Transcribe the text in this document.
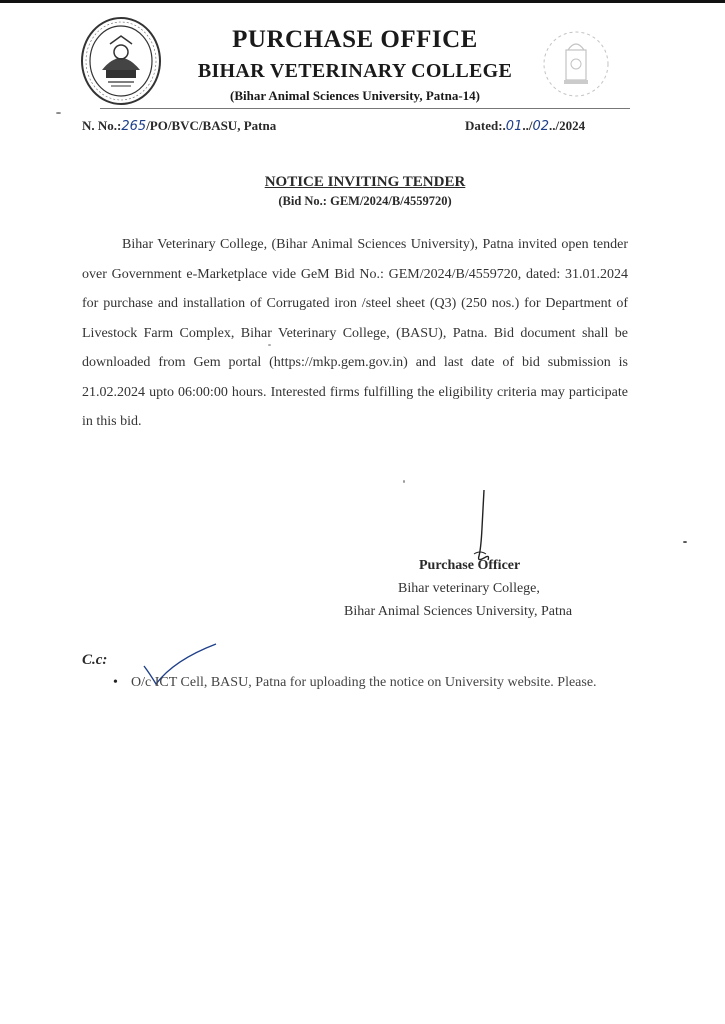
PURCHASE OFFICE
BIHAR VETERINARY COLLEGE
(Bihar Animal Sciences University, Patna-14)
N. No.:265/PO/BVC/BASU, Patna	Dated:.01../02../2024
NOTICE INVITING TENDER
(Bid No.: GEM/2024/B/4559720)

Bihar Veterinary College, (Bihar Animal Sciences University), Patna invited open tender over Government e-Marketplace vide GeM Bid No.: GEM/2024/B/4559720, dated: 31.01.2024 for purchase and installation of Corrugated iron /steel sheet (Q3) (250 nos.) for Department of Livestock Farm Complex, Bihar Veterinary College, (BASU), Patna. Bid document shall be downloaded from Gem portal (https://mkp.gem.gov.in) and last date of bid submission is 21.02.2024 upto 06:00:00 hours. Interested firms fulfilling the eligibility criteria may participate in this bid.

Purchase Officer
Bihar veterinary College,
Bihar Animal Sciences University, Patna
C.c:
• O/c ICT Cell, BASU, Patna for uploading the notice on University website. Please.
